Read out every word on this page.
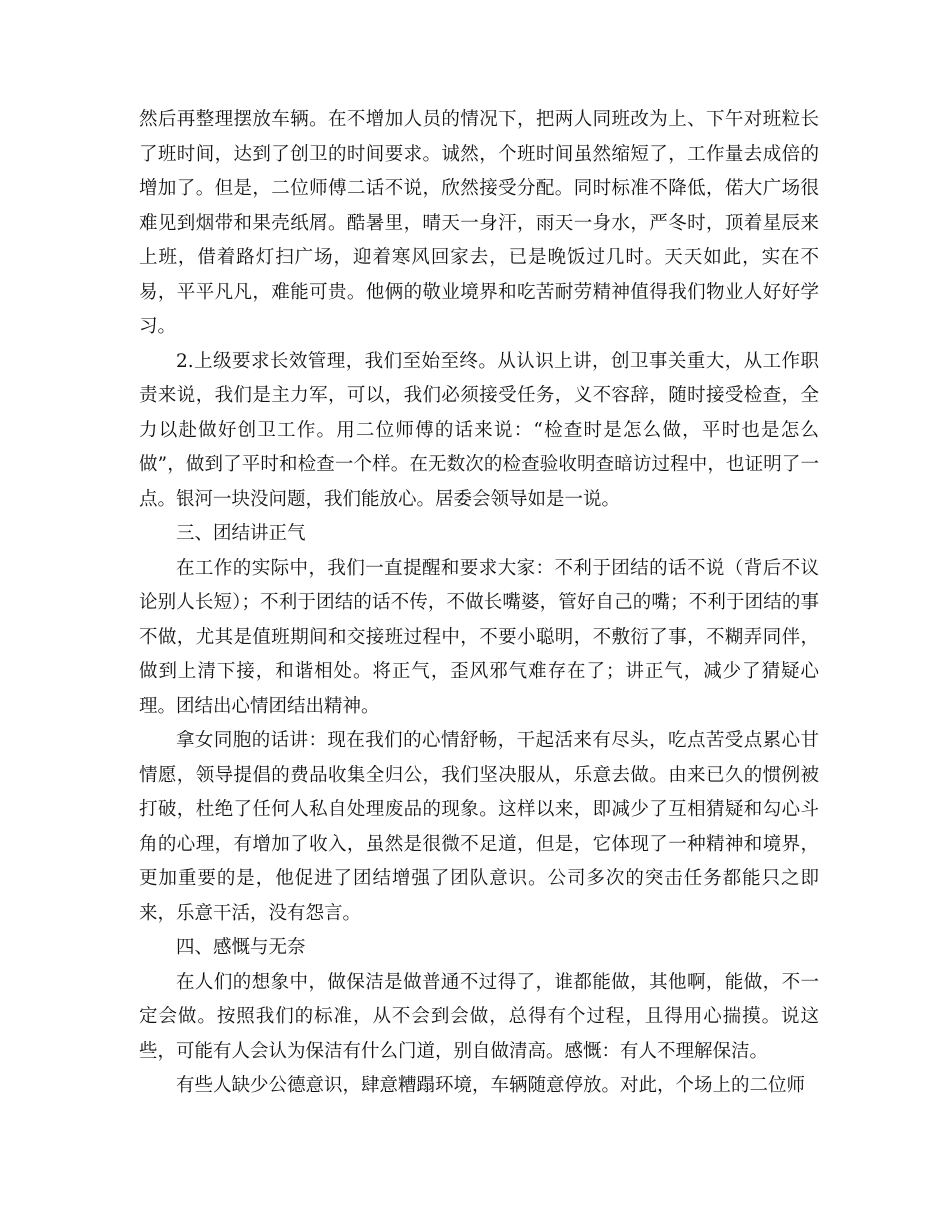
然后再整理摆放车辆。在不增加人员的情况下，把两人同班改为上、下午对班粒长了班时间，达到了创卫的时间要求。诚然，个班时间虽然缩短了，工作量去成倍的增加了。但是，二位师傅二话不说，欣然接受分配。同时标准不降低，偌大广场很难见到烟带和果壳纸屑。酷暑里，晴天一身汗，雨天一身水，严冬时，顶着星辰来上班，借着路灯扫广场，迎着寒风回家去，已是晚饭过几时。天天如此，实在不易，平平凡凡，难能可贵。他俩的敬业境界和吃苦耐劳精神值得我们物业人好好学习。

2.上级要求长效管理，我们至始至终。从认识上讲，创卫事关重大，从工作职责来说，我们是主力军，可以，我们必须接受任务，义不容辞，随时接受检查，全力以赴做好创卫工作。用二位师傅的话来说：“检查时是怎么做，平时也是怎么做”，做到了平时和检查一个样。在无数次的检查验收明查暗访过程中，也证明了一点。银河一块没问题，我们能放心。居委会领导如是一说。

三、团结讲正气

在工作的实际中，我们一直提醒和要求大家：不利于团结的话不说（背后不议论别人长短）；不利于团结的话不传，不做长嘴婆，管好自己的嘴；不利于团结的事不做，尤其是值班期间和交接班过程中，不要小聪明，不敷衍了事，不糊弄同伴，做到上清下接，和谐相处。将正气，歪风邪气难存在了；讲正气，减少了猜疑心理。团结出心情团结出精神。

拿女同胞的话讲：现在我们的心情舒畅，干起活来有尽头，吃点苦受点累心甘情愿，领导提倡的费品收集全归公，我们坚决服从，乐意去做。由来已久的惯例被打破，杜绝了任何人私自处理废品的现象。这样以来，即减少了互相猜疑和勾心斗角的心理，有增加了收入，虽然是很微不足道，但是，它体现了一种精神和境界，更加重要的是，他促进了团结增强了团队意识。公司多次的突击任务都能只之即来，乐意干活，没有怨言。

四、感慨与无奈

在人们的想象中，做保洁是做普通不过得了，谁都能做，其他啊，能做，不一定会做。按照我们的标准，从不会到会做，总得有个过程，且得用心揣摸。说这些，可能有人会认为保洁有什么门道，别自做清高。感慨：有人不理解保洁。

有些人缺少公德意识，肆意糟蹋环境，车辆随意停放。对此，个场上的二位师
